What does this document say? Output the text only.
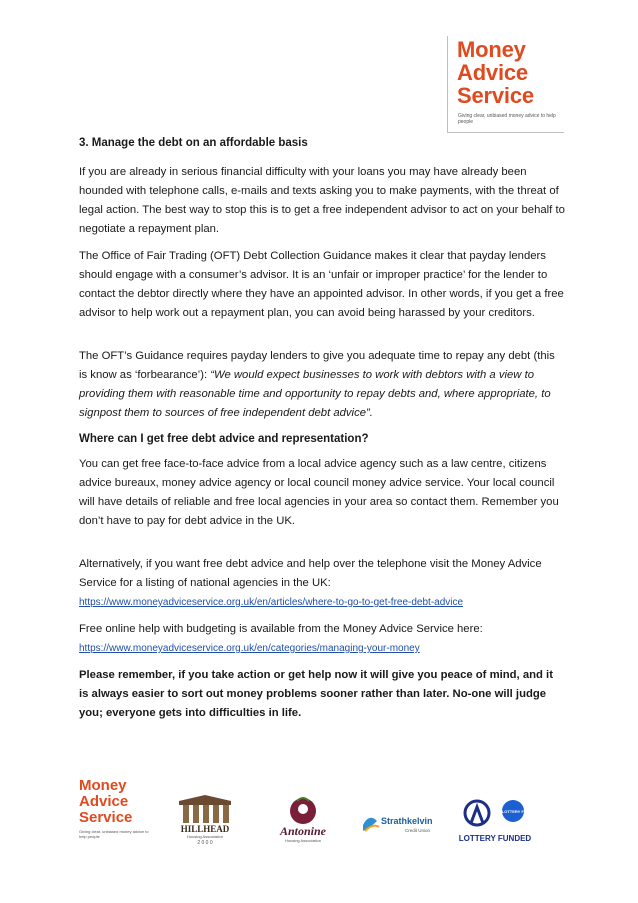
Money
Advice
Service
Giving clear, unbiased money advice to help people
3. Manage the debt on an affordable basis

If you are already in serious financial difficulty with your loans you may have already been hounded with telephone calls, e-mails and texts asking you to make payments, with the threat of legal action. The best way to stop this is to get a free independent advisor to act on your behalf to negotiate a repayment plan.

The Office of Fair Trading (OFT) Debt Collection Guidance makes it clear that payday lenders should engage with a consumer’s advisor. It is an ‘unfair or improper practice’ for the lender to contact the debtor directly where they have an appointed advisor. In other words, if you get a free advisor to help work out a repayment plan, you can avoid being harassed by your creditors.

The OFT’s Guidance requires payday lenders to give you adequate time to repay any debt (this is know as ‘forbearance’): “We would expect businesses to work with debtors with a view to providing them with reasonable time and opportunity to repay debts and, where appropriate, to signpost them to sources of free independent debt advice”.

Where can I get free debt advice and representation?

You can get free face-to-face advice from a local advice agency such as a law centre, citizens advice bureaux, money advice agency or local council money advice service. Your local council will have details of reliable and free local agencies in your area so contact them. Remember you don’t have to pay for debt advice in the UK.

Alternatively, if you want free debt advice and help over the telephone visit the Money Advice Service for a listing of national agencies in the UK:
https://www.moneyadviceservice.org.uk/en/articles/where-to-go-to-get-free-debt-advice

Free online help with budgeting is available from the Money Advice Service here:
https://www.moneyadviceservice.org.uk/en/categories/managing-your-money

Please remember, if you take action or get help now it will give you peace of mind, and it is always easier to sort out money problems sooner rather than later. No-one will judge you; everyone gets into difficulties in life.

Money
Advice
Service
Giving clear, unbiased money advice to help people
HILLHEAD
Housing Association
2 0 0 0
Antonine
Housing Association
Strathkelvin
Credit Union
BIG LOTTERY FUND
LOTTERY FUNDED
